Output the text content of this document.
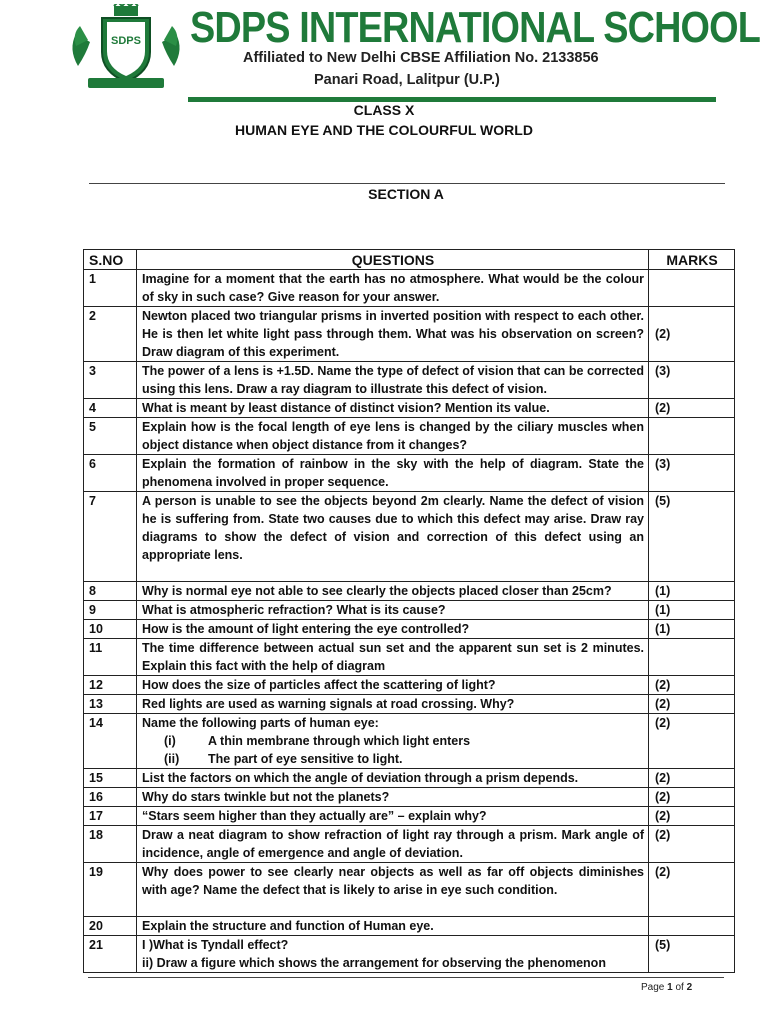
SDPS SDPS INTERNATIONAL SCHOOL
Affiliated to New Delhi CBSE Affiliation No. 2133856
Panari Road, Lalitpur (U.P.)
CLASS X
HUMAN EYE AND THE COLOURFUL WORLD
SECTION A
S.NO	QUESTIONS	MARKS
1	Imagine for a moment that the earth has no atmosphere. What would be the colour of sky in such case? Give reason for your answer.	
2	Newton placed two triangular prisms in inverted position with respect to each other. He is then let white light pass through them. What was his observation on screen? Draw diagram of this experiment.	(2)
3	The power of a lens is +1.5D. Name the type of defect of vision that can be corrected using this lens. Draw a ray diagram to illustrate this defect of vision.	(3)
4	What is meant by least distance of distinct vision? Mention its value.	(2)
5	Explain how is the focal length of eye lens is changed by the ciliary muscles when object distance when object distance from it changes?	
6	Explain the formation of rainbow in the sky with the help of diagram. State the phenomena involved in proper sequence.	(3)
7	A person is unable to see the objects beyond 2m clearly. Name the defect of vision he is suffering from. State two causes due to which this defect may arise. Draw ray diagrams to show the defect of vision and correction of this defect using an appropriate lens.	(5)
8	Why is normal eye not able to see clearly the objects placed closer than 25cm?	(1)
9	What is atmospheric refraction? What is its cause?	(1)
10	How is the amount of light entering the eye controlled?	(1)
11	The time difference between actual sun set and the apparent sun set is 2 minutes. Explain this fact with the help of diagram	
12	How does the size of particles affect the scattering of light?	(2)
13	Red lights are used as warning signals at road crossing. Why?	(2)
14	Name the following parts of human eye:
(i) A thin membrane through which light enters
(ii) The part of eye sensitive to light.	(2)
15	List the factors on which the angle of deviation through a prism depends.	(2)
16	Why do stars twinkle but not the planets?	(2)
17	“Stars seem higher than they actually are” – explain why?	(2)
18	Draw a neat diagram to show refraction of light ray through a prism. Mark angle of incidence, angle of emergence and angle of deviation.	(2)
19	Why does power to see clearly near objects as well as far off objects diminishes with age? Name the defect that is likely to arise in eye such condition.	(2)
20	Explain the structure and function of Human eye.	
21	I )What is Tyndall effect?
ii) Draw a figure which shows the arrangement for observing the phenomenon	(5)
Page 1 of 2
